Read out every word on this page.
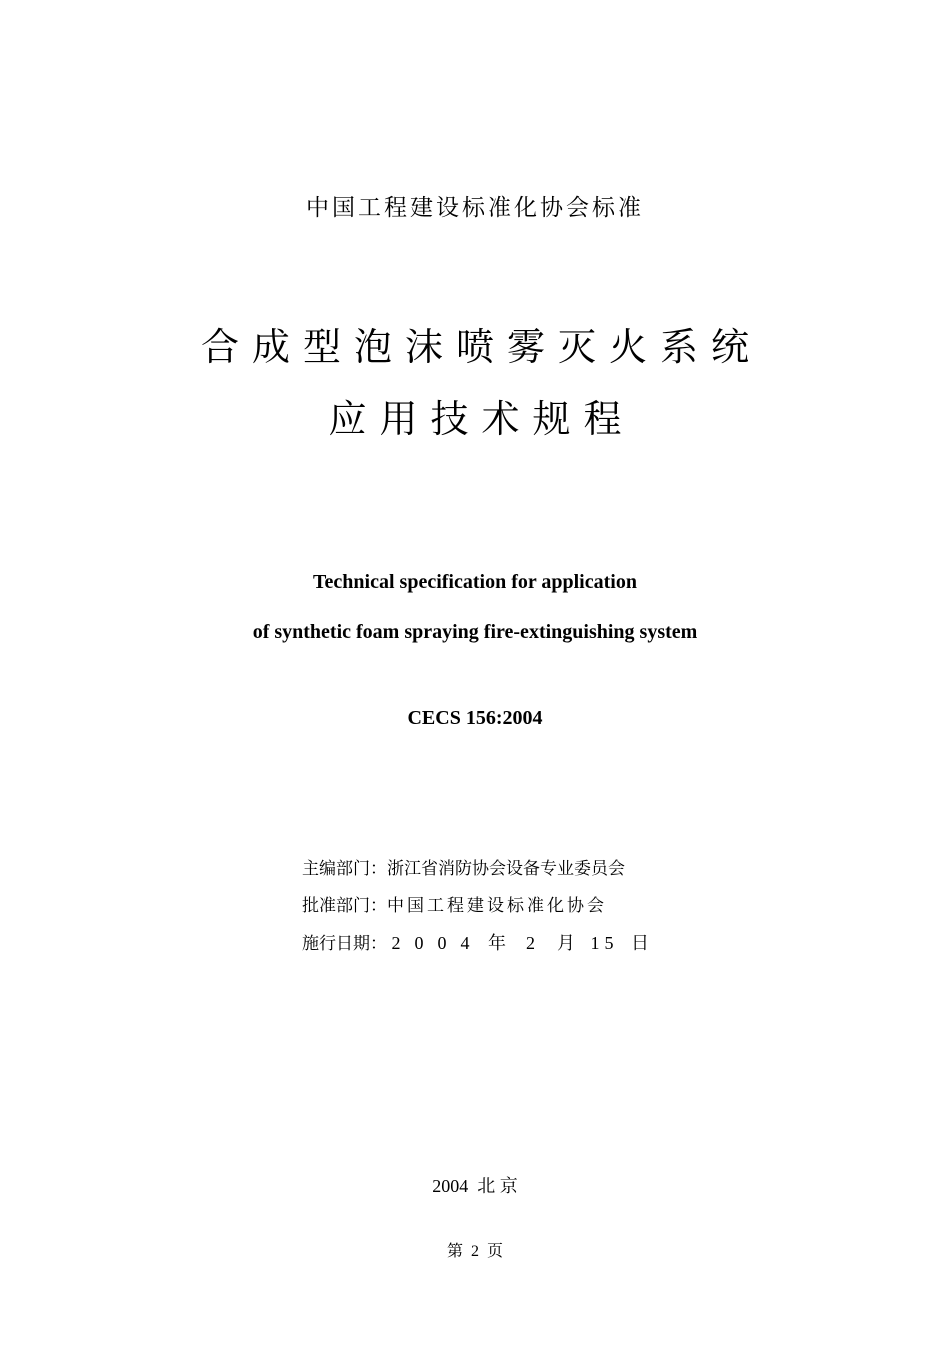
中国工程建设标准化协会标准
合成型泡沫喷雾灭火系统
应用技术规程
Technical specification for application
of synthetic foam spraying fire-extinguishing system
CECS 156:2004
主编部门：浙江省消防协会设备专业委员会
批准部门：中国工程建设标准化协会
施行日期： 2004 年 2 月 15 日
2004 北 京
第 2 页
